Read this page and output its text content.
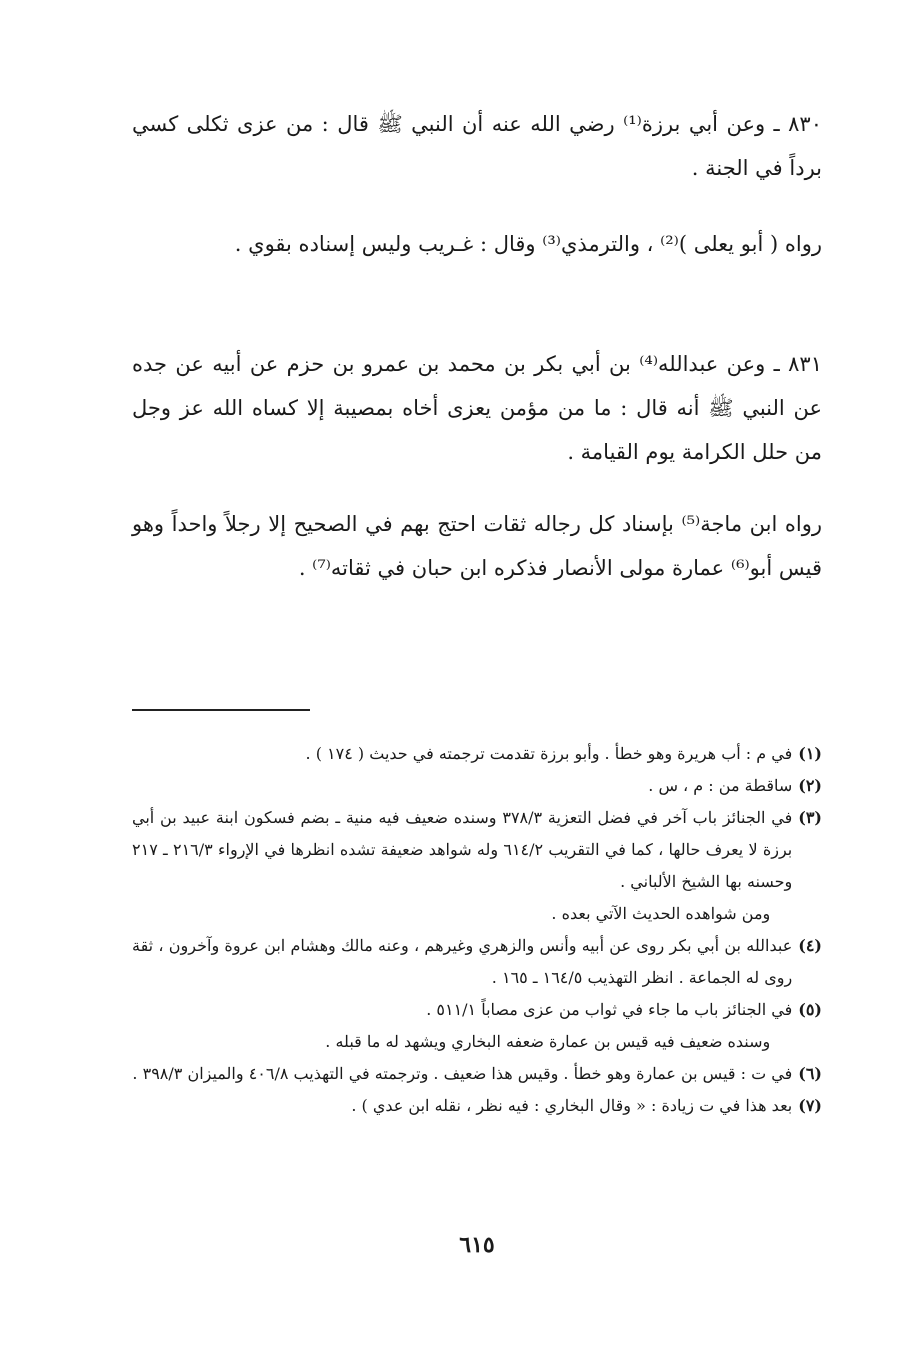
٨٣٠ ـ وعن أبي برزة⁽¹⁾ رضي الله عنه أن النبي ﷺ قال : من عزى ثكلى كسي برداً في الجنة .

رواه ( أبو يعلى )⁽²⁾ ، والترمذي⁽³⁾ وقال : غـريب وليس إسناده بقوي .

٨٣١ ـ وعن عبدالله⁽⁴⁾ بن أبي بكر بن محمد بن عمرو بن حزم عن أبيه عن جده عن النبي ﷺ أنه قال : ما من مؤمن يعزى أخاه بمصيبة إلا كساه الله عز وجل من حلل الكرامة يوم القيامة .

رواه ابن ماجة⁽⁵⁾ بإسناد كل رجاله ثقات احتج بهم في الصحيح إلا رجلاً واحداً وهو قيس أبو⁽⁶⁾ عمارة مولى الأنصار فذكره ابن حبان في ثقاته⁽⁷⁾ .

(١)
في م : أب هريرة وهو خطأ . وأبو برزة تقدمت ترجمته في حديث ( ١٧٤ ) .
(٢)
ساقطة من : م ، س .
(٣)
في الجنائز باب آخر في فضل التعزية ٣٧٨/٣ وسنده ضعيف فيه منية ـ بضم فسكون ابنة عبيد بن أبي برزة لا يعرف حالها ، كما في التقريب ٦١٤/٢ وله شواهد ضعيفة تشده انظرها في الإرواء ٢١٦/٣ ـ ٢١٧ وحسنه بها الشيخ الألباني .
ومن شواهده الحديث الآتي بعده .
(٤)
عبدالله بن أبي بكر روى عن أبيه وأنس والزهري وغيرهم ، وعنه مالك وهشام ابن عروة وآخرون ، ثقة روى له الجماعة . انظر التهذيب ١٦٤/٥ ـ ١٦٥ .
(٥)
في الجنائز باب ما جاء في ثواب من عزى مصاباً ٥١١/١ .
وسنده ضعيف فيه قيس بن عمارة ضعفه البخاري ويشهد له ما قبله .
(٦)
في ت : قيس بن عمارة وهو خطأ . وقيس هذا ضعيف . وترجمته في التهذيب ٤٠٦/٨ والميزان ٣٩٨/٣ .
(٧)
بعد هذا في ت زيادة : « وقال البخاري : فيه نظر ، نقله ابن عدي ) .
٦١٥
